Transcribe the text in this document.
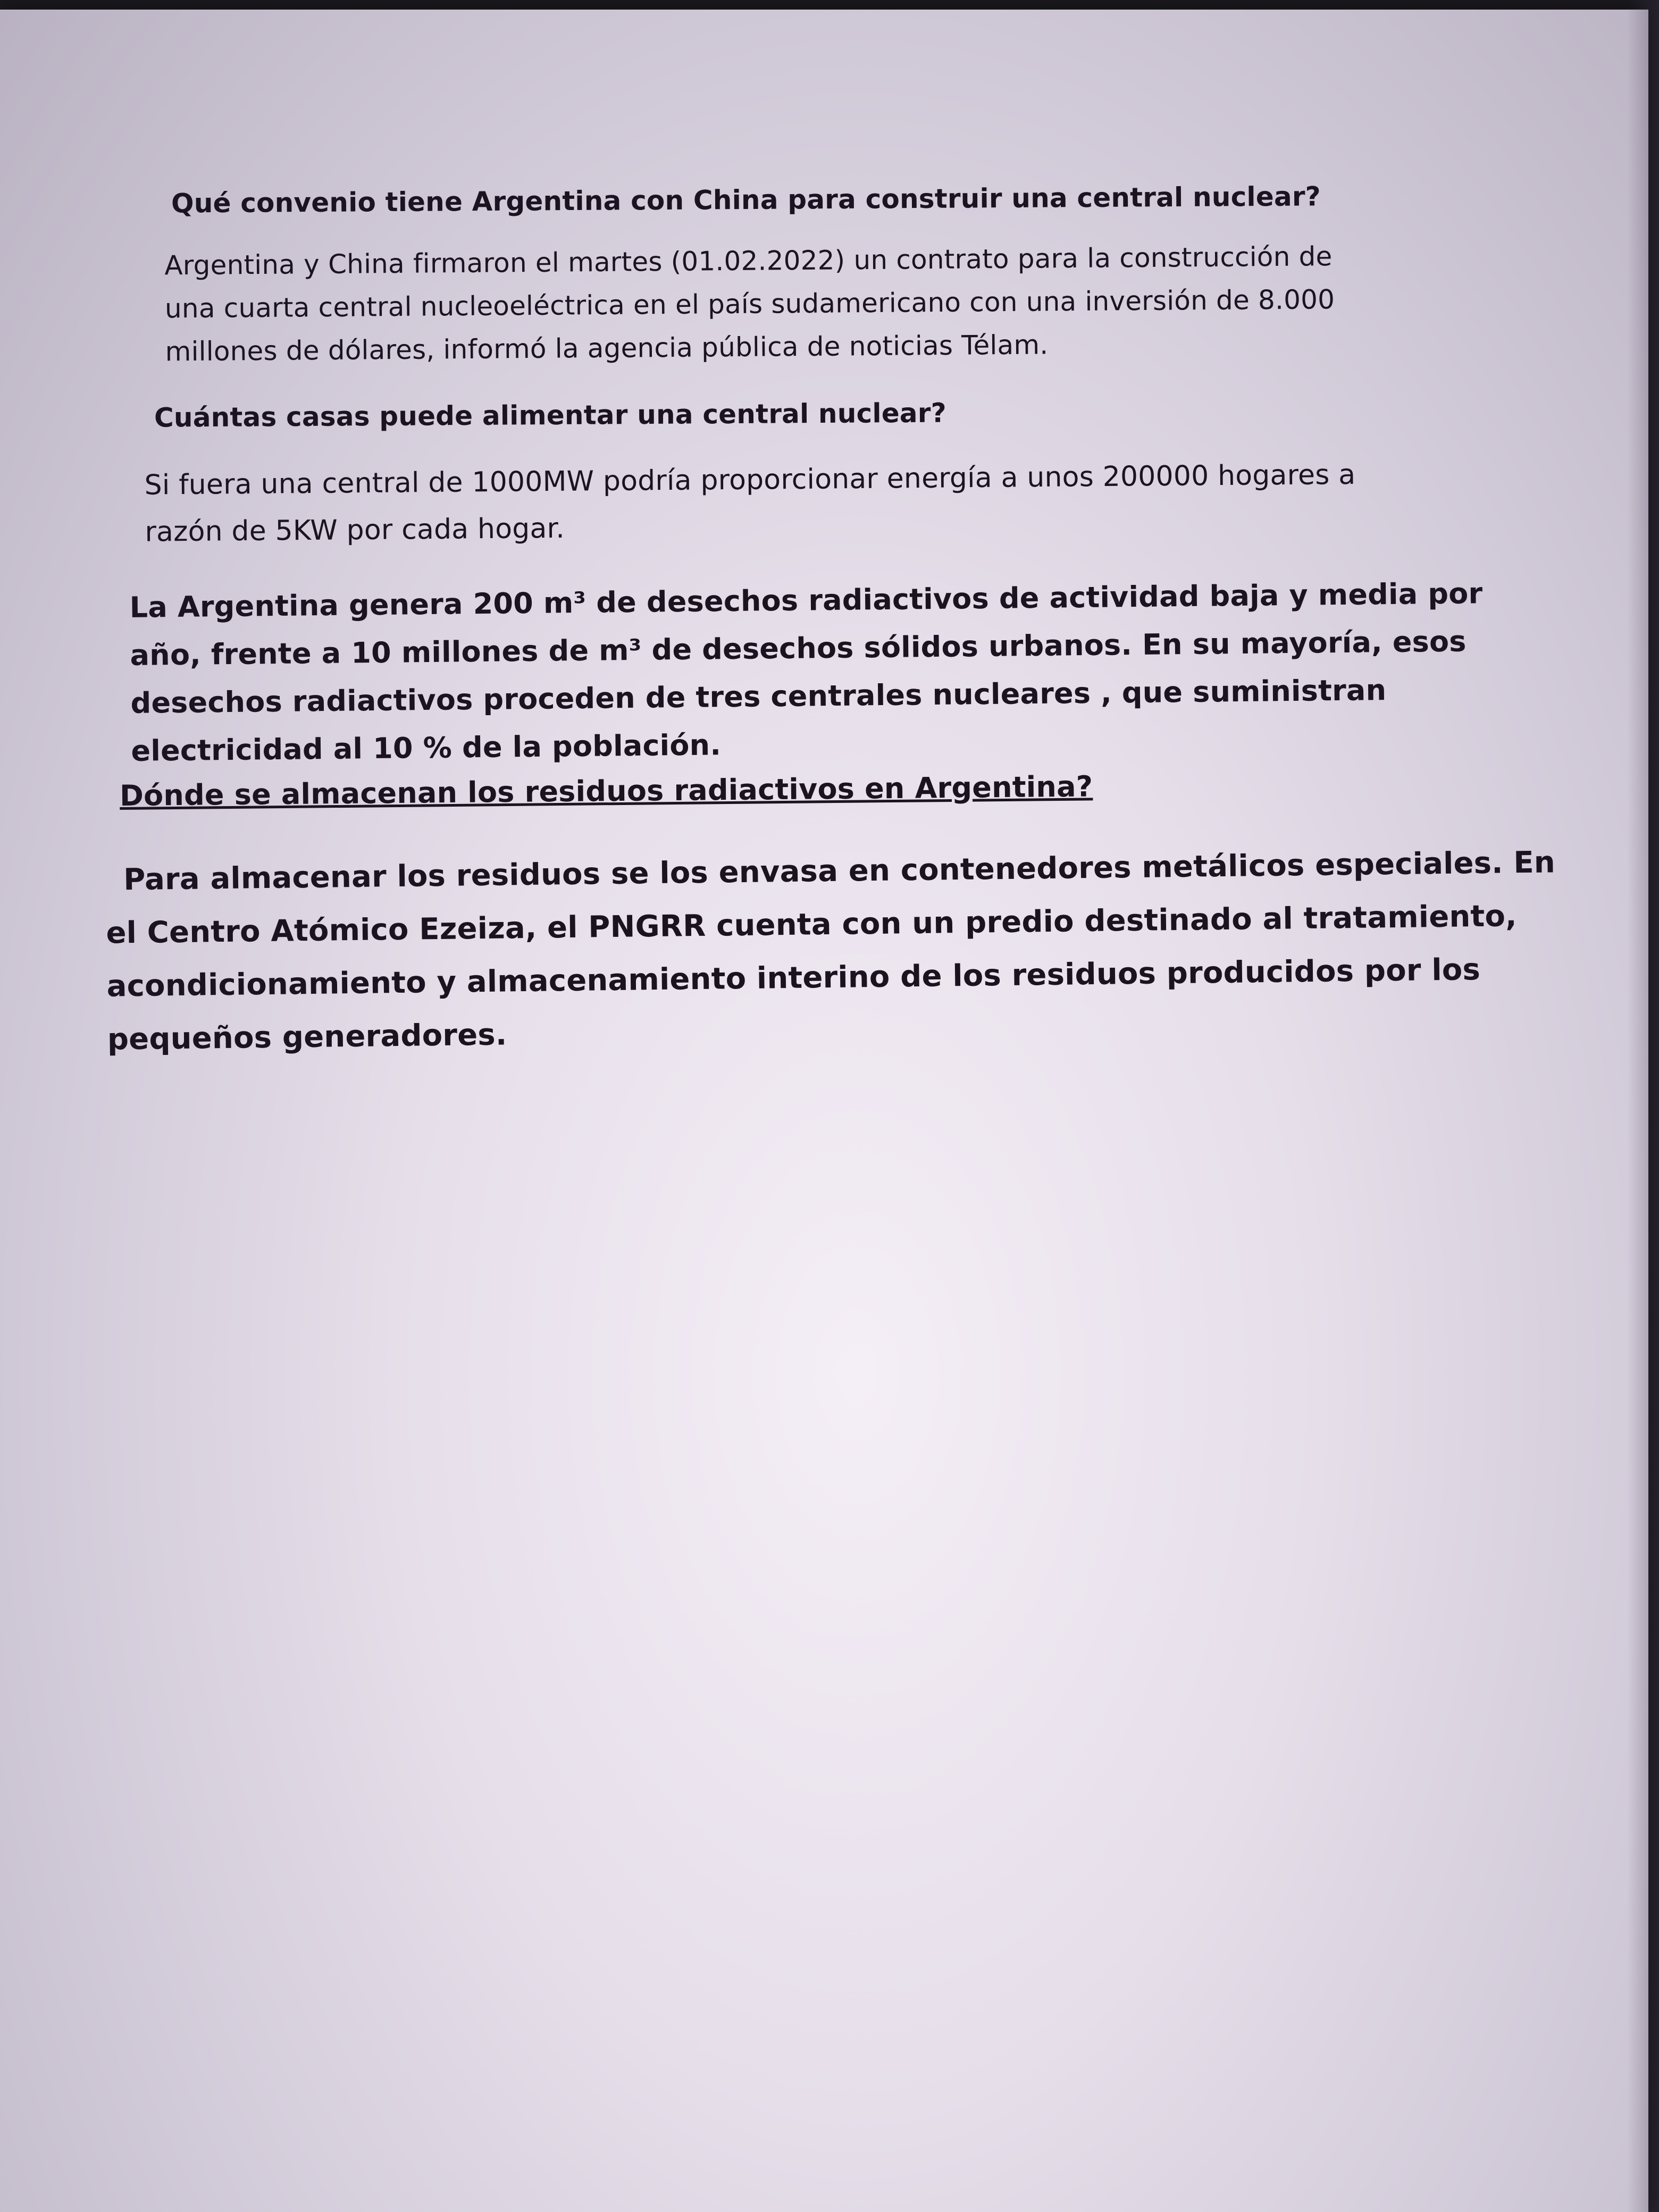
Qué convenio tiene Argentina con China para construir una central nuclear?

Argentina y China firmaron el martes (01.02.2022) un contrato para la construcción de
una cuarta central nucleoeléctrica en el país sudamericano con una inversión de 8.000
millones de dólares, informó la agencia pública de noticias Télam.

Cuántas casas puede alimentar una central nuclear?

Si fuera una central de 1000MW podría proporcionar energía a unos 200000 hogares a
razón de 5KW por cada hogar.

La Argentina genera 200 m³ de desechos radiactivos de actividad baja y media por
año, frente a 10 millones de m³ de desechos sólidos urbanos. En su mayoría, esos
desechos radiactivos proceden de tres centrales nucleares , que suministran
electricidad al 10 % de la población.

Dónde se almacenan los residuos radiactivos en Argentina?

Para almacenar los residuos se los envasa en contenedores metálicos especiales. En
el Centro Atómico Ezeiza, el PNGRR cuenta con un predio destinado al tratamiento,
acondicionamiento y almacenamiento interino de los residuos producidos por los
pequeños generadores.
